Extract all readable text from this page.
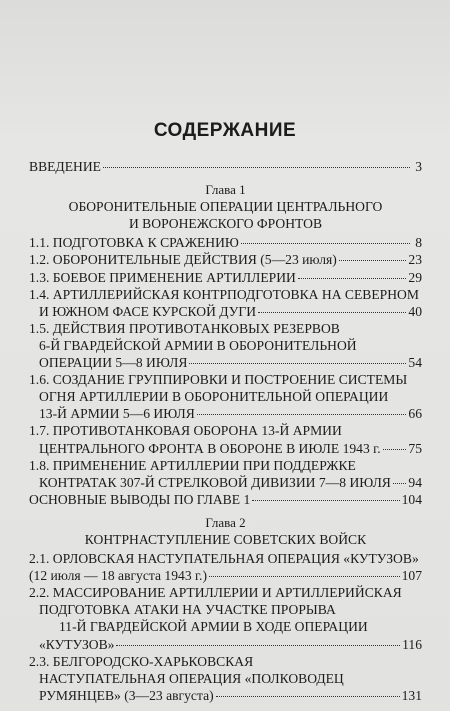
СОДЕРЖАНИЕ
ВВЕДЕНИЕ	3
Глава 1
ОБОРОНИТЕЛЬНЫЕ ОПЕРАЦИИ ЦЕНТРАЛЬНОГО
И ВОРОНЕЖСКОГО ФРОНТОВ
1.1. ПОДГОТОВКА К СРАЖЕНИЮ	8
1.2. ОБОРОНИТЕЛЬНЫЕ ДЕЙСТВИЯ (5—23 июля)	23
1.3. БОЕВОЕ ПРИМЕНЕНИЕ АРТИЛЛЕРИИ	29
1.4. АРТИЛЛЕРИЙСКАЯ КОНТРПОДГОТОВКА НА СЕВЕРНОМ
И ЮЖНОМ ФАСЕ КУРСКОЙ ДУГИ	40
1.5. ДЕЙСТВИЯ ПРОТИВОТАНКОВЫХ РЕЗЕРВОВ
6-Й ГВАРДЕЙСКОЙ АРМИИ В ОБОРОНИТЕЛЬНОЙ
ОПЕРАЦИИ 5—8 ИЮЛЯ	54
1.6. СОЗДАНИЕ ГРУППИРОВКИ И ПОСТРОЕНИЕ СИСТЕМЫ
ОГНЯ АРТИЛЛЕРИИ В ОБОРОНИТЕЛЬНОЙ ОПЕРАЦИИ
13-Й АРМИИ 5—6 ИЮЛЯ	66
1.7. ПРОТИВОТАНКОВАЯ ОБОРОНА 13-Й АРМИИ
ЦЕНТРАЛЬНОГО ФРОНТА В ОБОРОНЕ В ИЮЛЕ 1943 г. 75
1.8. ПРИМЕНЕНИЕ АРТИЛЛЕРИИ ПРИ ПОДДЕРЖКЕ
КОНТРАТАК 307-Й СТРЕЛКОВОЙ ДИВИЗИИ 7—8 ИЮЛЯ 94
ОСНОВНЫЕ ВЫВОДЫ ПО ГЛАВЕ 1	104
Глава 2
КОНТРНАСТУПЛЕНИЕ СОВЕТСКИХ ВОЙСК
2.1. ОРЛОВСКАЯ НАСТУПАТЕЛЬНАЯ ОПЕРАЦИЯ «КУТУЗОВ»
(12 июля — 18 августа 1943 г.)	107
2.2. МАССИРОВАНИЕ АРТИЛЛЕРИИ И АРТИЛЛЕРИЙСКАЯ
ПОДГОТОВКА АТАКИ НА УЧАСТКЕ ПРОРЫВА
11-Й ГВАРДЕЙСКОЙ АРМИИ В ХОДЕ ОПЕРАЦИИ
«КУТУЗОВ»	116
2.3. БЕЛГОРОДСКО-ХАРЬКОВСКАЯ
НАСТУПАТЕЛЬНАЯ ОПЕРАЦИЯ «ПОЛКОВОДЕЦ
РУМЯНЦЕВ» (3—23 августа)	131
